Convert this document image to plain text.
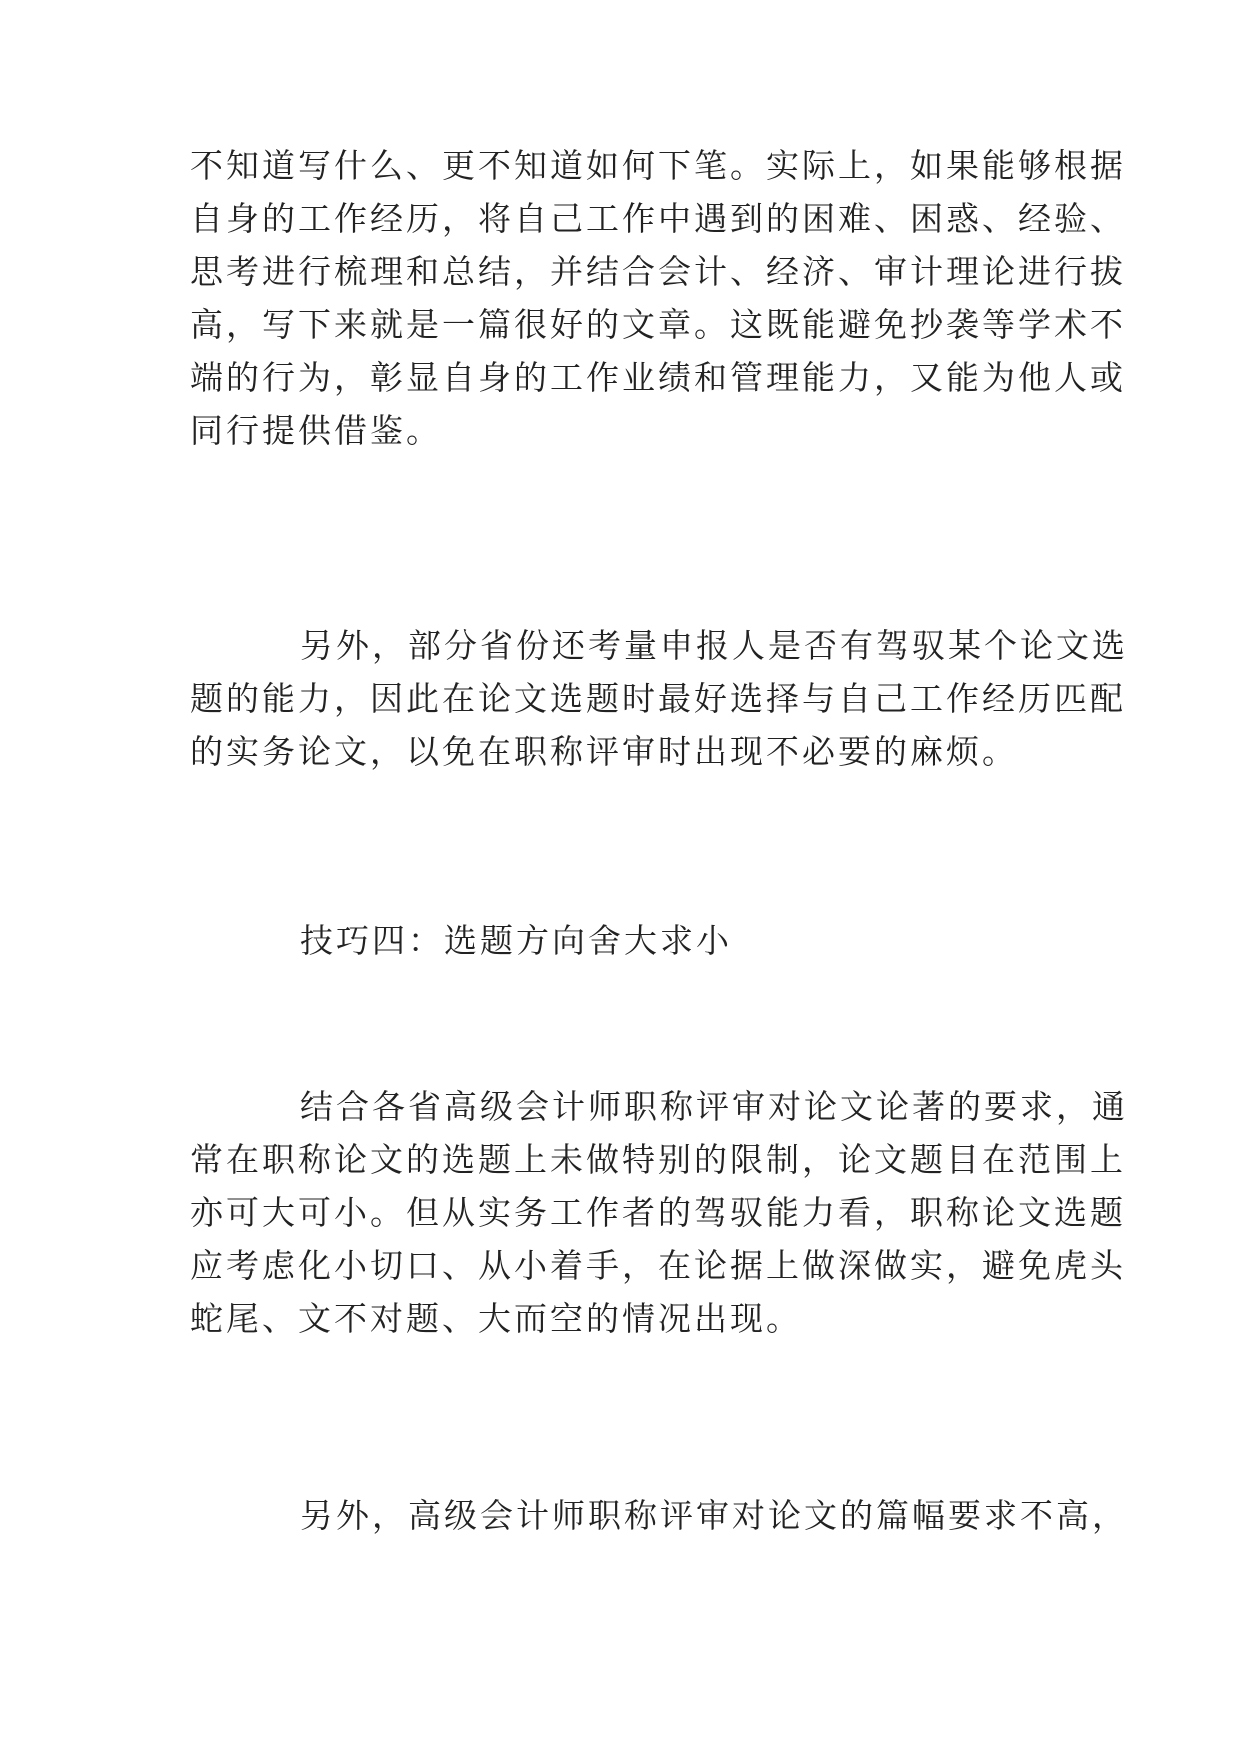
不知道写什么、更不知道如何下笔。实际上，如果能够根据
自身的工作经历，将自己工作中遇到的困难、困惑、经验、
思考进行梳理和总结，并结合会计、经济、审计理论进行拔
高，写下来就是一篇很好的文章。这既能避免抄袭等学术不
端的行为，彰显自身的工作业绩和管理能力，又能为他人或
同行提供借鉴。
另外，部分省份还考量申报人是否有驾驭某个论文选
题的能力，因此在论文选题时最好选择与自己工作经历匹配
的实务论文，以免在职称评审时出现不必要的麻烦。
技巧四：选题方向舍大求小
结合各省高级会计师职称评审对论文论著的要求，通
常在职称论文的选题上未做特别的限制，论文题目在范围上
亦可大可小。但从实务工作者的驾驭能力看，职称论文选题
应考虑化小切口、从小着手，在论据上做深做实，避免虎头
蛇尾、文不对题、大而空的情况出现。
另外，高级会计师职称评审对论文的篇幅要求不高，
